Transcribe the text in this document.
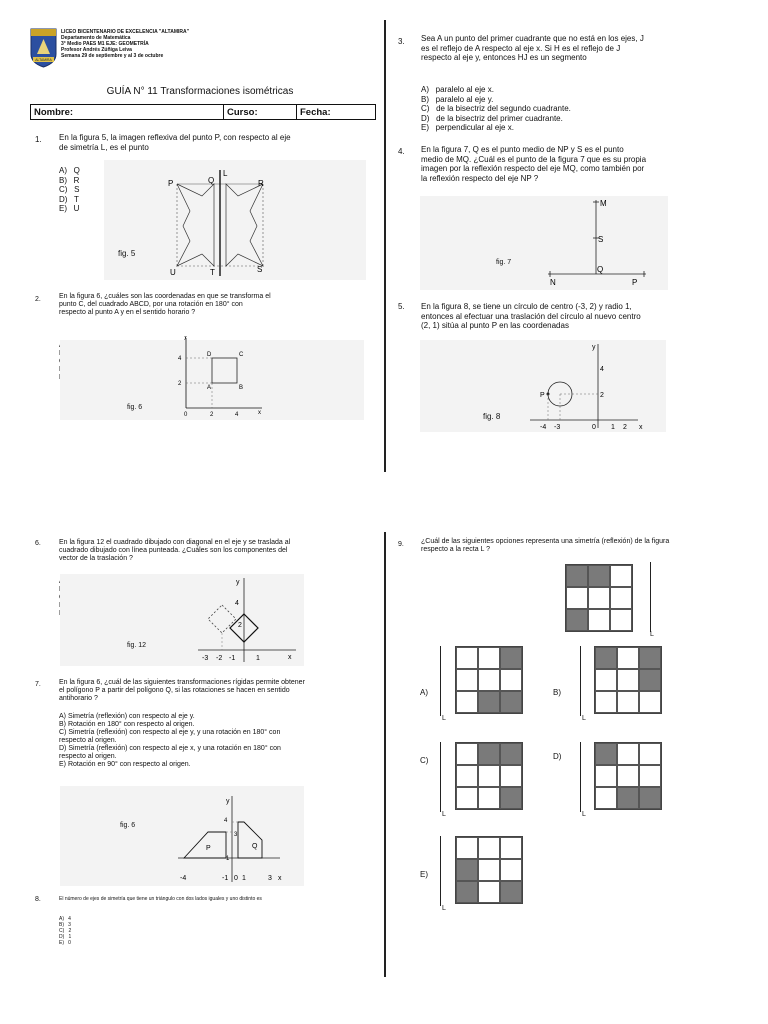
ALTAMIRA
LICEO BICENTENARIO DE EXCELENCIA "ALTAMIRA"
Departamento de Matemática
3° Medio PAES M1 EJE: GEOMETRÍA
Profesor Andrés Zúñiga Leiva
Semana 29 de septiembre y al 3 de octubre
GUÍA N° 11 Transformaciones isométricas
Nombre:	Curso:	Fecha:
1. En la figura 5, la imagen reflexiva del punto P, con respecto al eje de simetría L, es el punto
A)   Q
B)   R
C)   S
D)   T
E)   U
fig. 5
P	Q
L
R
U	T	S
2.	En la figura 6, ¿cuáles son las coordenadas en que se transforma el punto C, del cuadrado ABCD, por una rotación en 180° con respecto al punto A y en el sentido horario ?
fig. 6
y
x
4
2
0	2	4
D	C
A	B
3. Sea A un punto del primer cuadrante que no está en los ejes, J es el reflejo de A respecto al eje x. Si H es el reflejo de J respecto al eje y, entonces HJ es un segmento
A)   paralelo al eje x.
B)   paralelo al eje y.
C)   de la bisectriz del segundo cuadrante.
D)   de la bisectriz del primer cuadrante.
E)   perpendicular al eje x.
4. En la figura 7, Q es el punto medio de NP y S es el punto medio de MQ. ¿Cuál es el punto de la figura 7 que es su propia imagen por la reflexión respecto del eje MQ, como también por la reflexión respecto del eje NP ?
fig. 7
M
S
Q
N	P
5. En la figura 8, se tiene un círculo de centro (-3, 2) y radio 1, entonces al efectuar una traslación del círculo al nuevo centro (2, 1) sitúa al punto P en las coordenadas
fig. 8
y
x
4
2
P
-4 -3	0 1 2
6.	En la figura 12 el cuadrado dibujado con diagonal en el eje y se traslada al cuadrado dibujado con línea punteada. ¿Cuáles son los componentes del vector de la traslación ?
fig. 12
y
x
4
2
-3 -2 -1	1
7.	En la figura 6, ¿cuál de las siguientes transformaciones rígidas permite obtener el polígono P a partir del polígono Q, si las rotaciones se hacen en sentido antihorario ?
A) Simetría (reflexión) con respecto al eje y.
B) Rotación en 180° con respecto al origen.
C) Simetría (reflexión) con respecto al eje y, y una rotación en 180° con respecto al origen.
D) Simetría (reflexión) con respecto al eje x, y una rotación en 180° con respecto al origen.
E) Rotación en 90° con respecto al origen.
fig. 6
y
x
4
3
1
P	Q
-4	-1 0 1	3
8.	El número de ejes de simetría que tiene un triángulo con dos lados iguales y uno distinto es
A)   4
B)   3
C)   2
D)   1
E)   0
9. ¿Cuál de las siguientes opciones representa una simetría (reflexión) de la figura respecto a la recta L ?
L
A)
L
B)
L
C)
L
D)
L
E)
L
